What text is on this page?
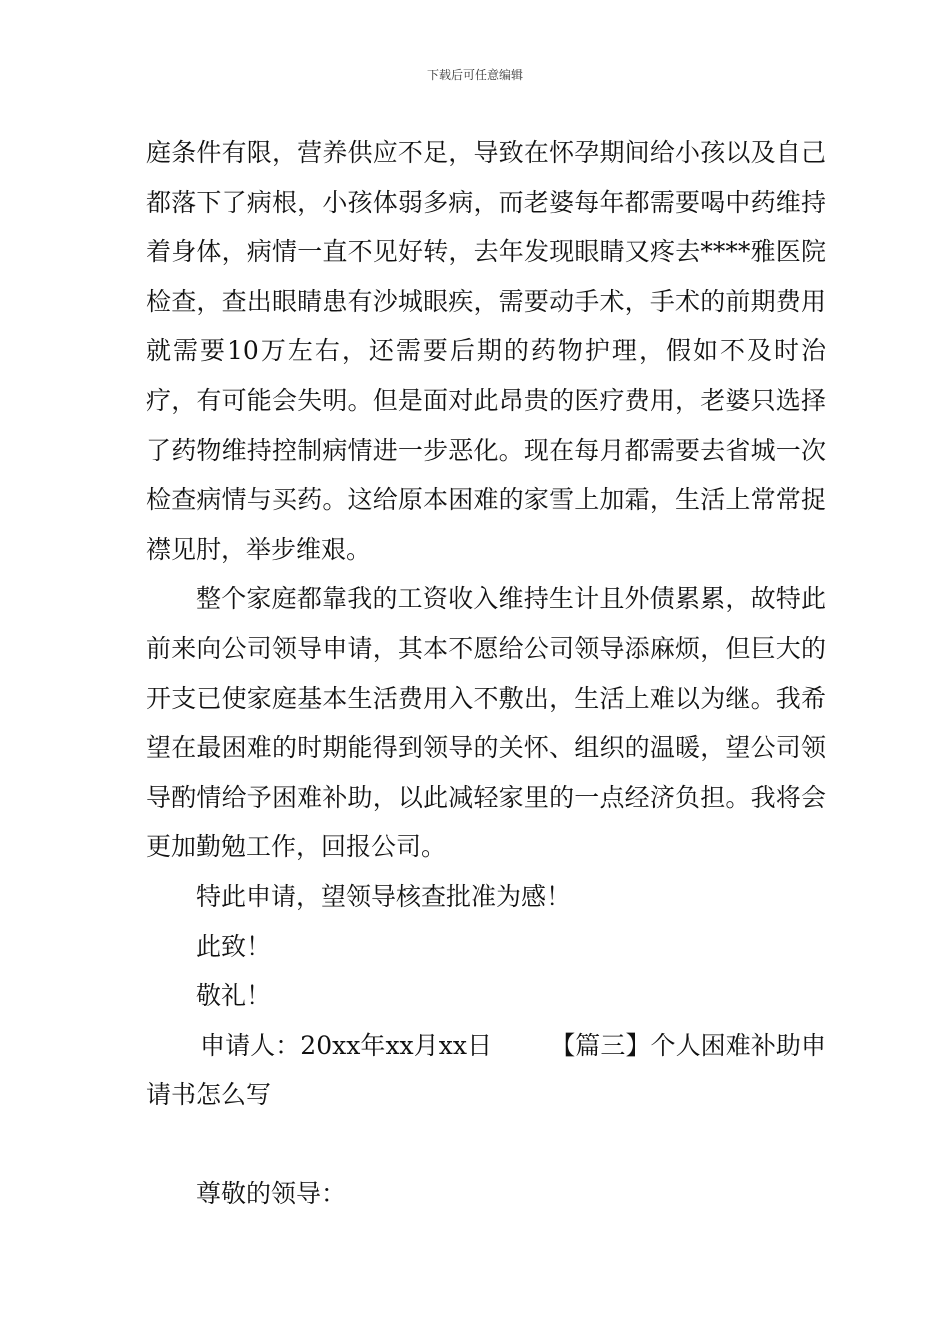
下载后可任意编辑

庭条件有限，营养供应不足，导致在怀孕期间给小孩以及自己都落下了病根，小孩体弱多病，而老婆每年都需要喝中药维持着身体，病情一直不见好转，去年发现眼睛又疼去****雅医院检查，查出眼睛患有沙城眼疾，需要动手术，手术的前期费用就需要10万左右，还需要后期的药物护理，假如不及时治疗，有可能会失明。但是面对此昂贵的医疗费用，老婆只选择了药物维持控制病情进一步恶化。现在每月都需要去省城一次检查病情与买药。这给原本困难的家雪上加霜，生活上常常捉襟见肘，举步维艰。

整个家庭都靠我的工资收入维持生计且外债累累，故特此前来向公司领导申请，其本不愿给公司领导添麻烦，但巨大的开支已使家庭基本生活费用入不敷出，生活上难以为继。我希望在最困难的时期能得到领导的关怀、组织的温暖，望公司领导酌情给予困难补助，以此减轻家里的一点经济负担。我将会更加勤勉工作，回报公司。

特此申请，望领导核查批准为感！

此致！

敬礼！

申请人：20xx年xx月xx日 【篇三】个人困难补助申请书怎么写

尊敬的领导：
